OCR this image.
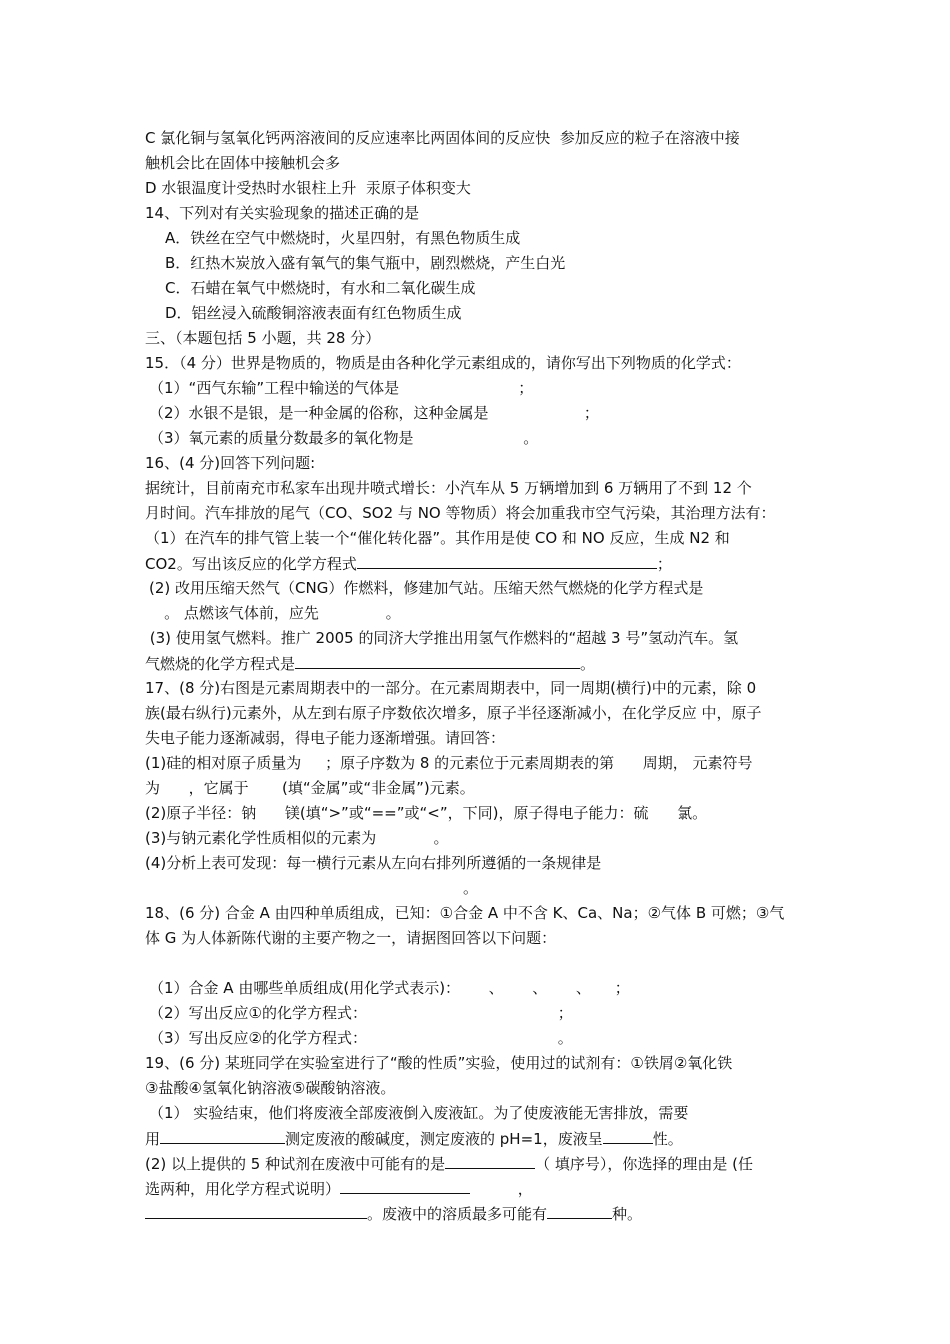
C 氯化铜与氢氧化钙两溶液间的反应速率比两固体间的反应快  参加反应的粒子在溶液中接
触机会比在固体中接触机会多
D 水银温度计受热时水银柱上升  汞原子体积变大
14、下列对有关实验现象的描述正确的是
A．铁丝在空气中燃烧时，火星四射，有黑色物质生成
B．红热木炭放入盛有氧气的集气瓶中，剧烈燃烧，产生白光
C．石蜡在氧气中燃烧时，有水和二氧化碳生成
D．铝丝浸入硫酸铜溶液表面有红色物质生成
三、（本题包括 5 小题，共 28 分）
15．（4 分）世界是物质的，物质是由各种化学元素组成的，请你写出下列物质的化学式：
（1）“西气东输”工程中输送的气体是                         ；
（2）水银不是银，是一种金属的俗称，这种金属是                    ；
（3）氧元素的质量分数最多的氧化物是                       。
16、(4 分)回答下列问题:
据统计，目前南充市私家车出现井喷式增长：小汽车从 5 万辆增加到 6 万辆用了不到 12 个
月时间。汽车排放的尾气（CO、SO2 与 NO 等物质）将会加重我市空气污染，其治理方法有：
（1）在汽车的排气管上装一个“催化转化器”。其作用是使 CO 和 NO 反应，生成 N2 和
CO2。写出该反应的化学方程式	；
(2) 改用压缩天然气（CNG）作燃料，修建加气站。压缩天然气燃烧的化学方程式是
。 点燃该气体前，应先              。
(3) 使用氢气燃料。推广 2005 的同济大学推出用氢气作燃料的“超越 3 号”氢动汽车。氢
气燃烧的化学方程式是	。
17、(8 分)右图是元素周期表中的一部分。在元素周期表中，同一周期(横行)中的元素，除 0
族(最右纵行)元素外，从左到右原子序数依次增多，原子半径逐渐减小，在化学反应 中，原子
失电子能力逐渐减弱，得电子能力逐渐增强。请回答：
(1)硅的相对原子质量为     ；原子序数为 8 的元素位于元素周期表的第      周期， 元素符号
为      ，它属于       (填“金属”或“非金属”)元素。
(2)原子半径：钠      镁(填“>”或“==”或“<”，下同)，原子得电子能力：硫      氯。
(3)与钠元素化学性质相似的元素为            。
(4)分析上表可发现：每一横行元素从左向右排列所遵循的一条规律是
。
18、(6 分) 合金 A 由四种单质组成，已知：①合金 A 中不含 K、Ca、Na；②气体 B 可燃；③气
体 G 为人体新陈代谢的主要产物之一，请据图回答以下问题：
（1）合金 A 由哪些单质组成(用化学式表示)：      、      、      、     ；
（2）写出反应①的化学方程式：                                        ；
（3）写出反应②的化学方程式：                                        。
19、(6 分) 某班同学在实验室进行了“酸的性质”实验，使用过的试剂有：①铁屑②氧化铁
③盐酸④氢氧化钠溶液⑤碳酸钠溶液。
（1） 实验结束，他们将废液全部废液倒入废液缸。为了使废液能无害排放，需要
用	测定废液的酸碱度，测定废液的 pH=1，废液呈	性。
(2) 以上提供的 5 种试剂在废液中可能有的是	（ 填序号），你选择的理由是 (任
选两种，用化学方程式说明）	，
。废液中的溶质最多可能有	种。
